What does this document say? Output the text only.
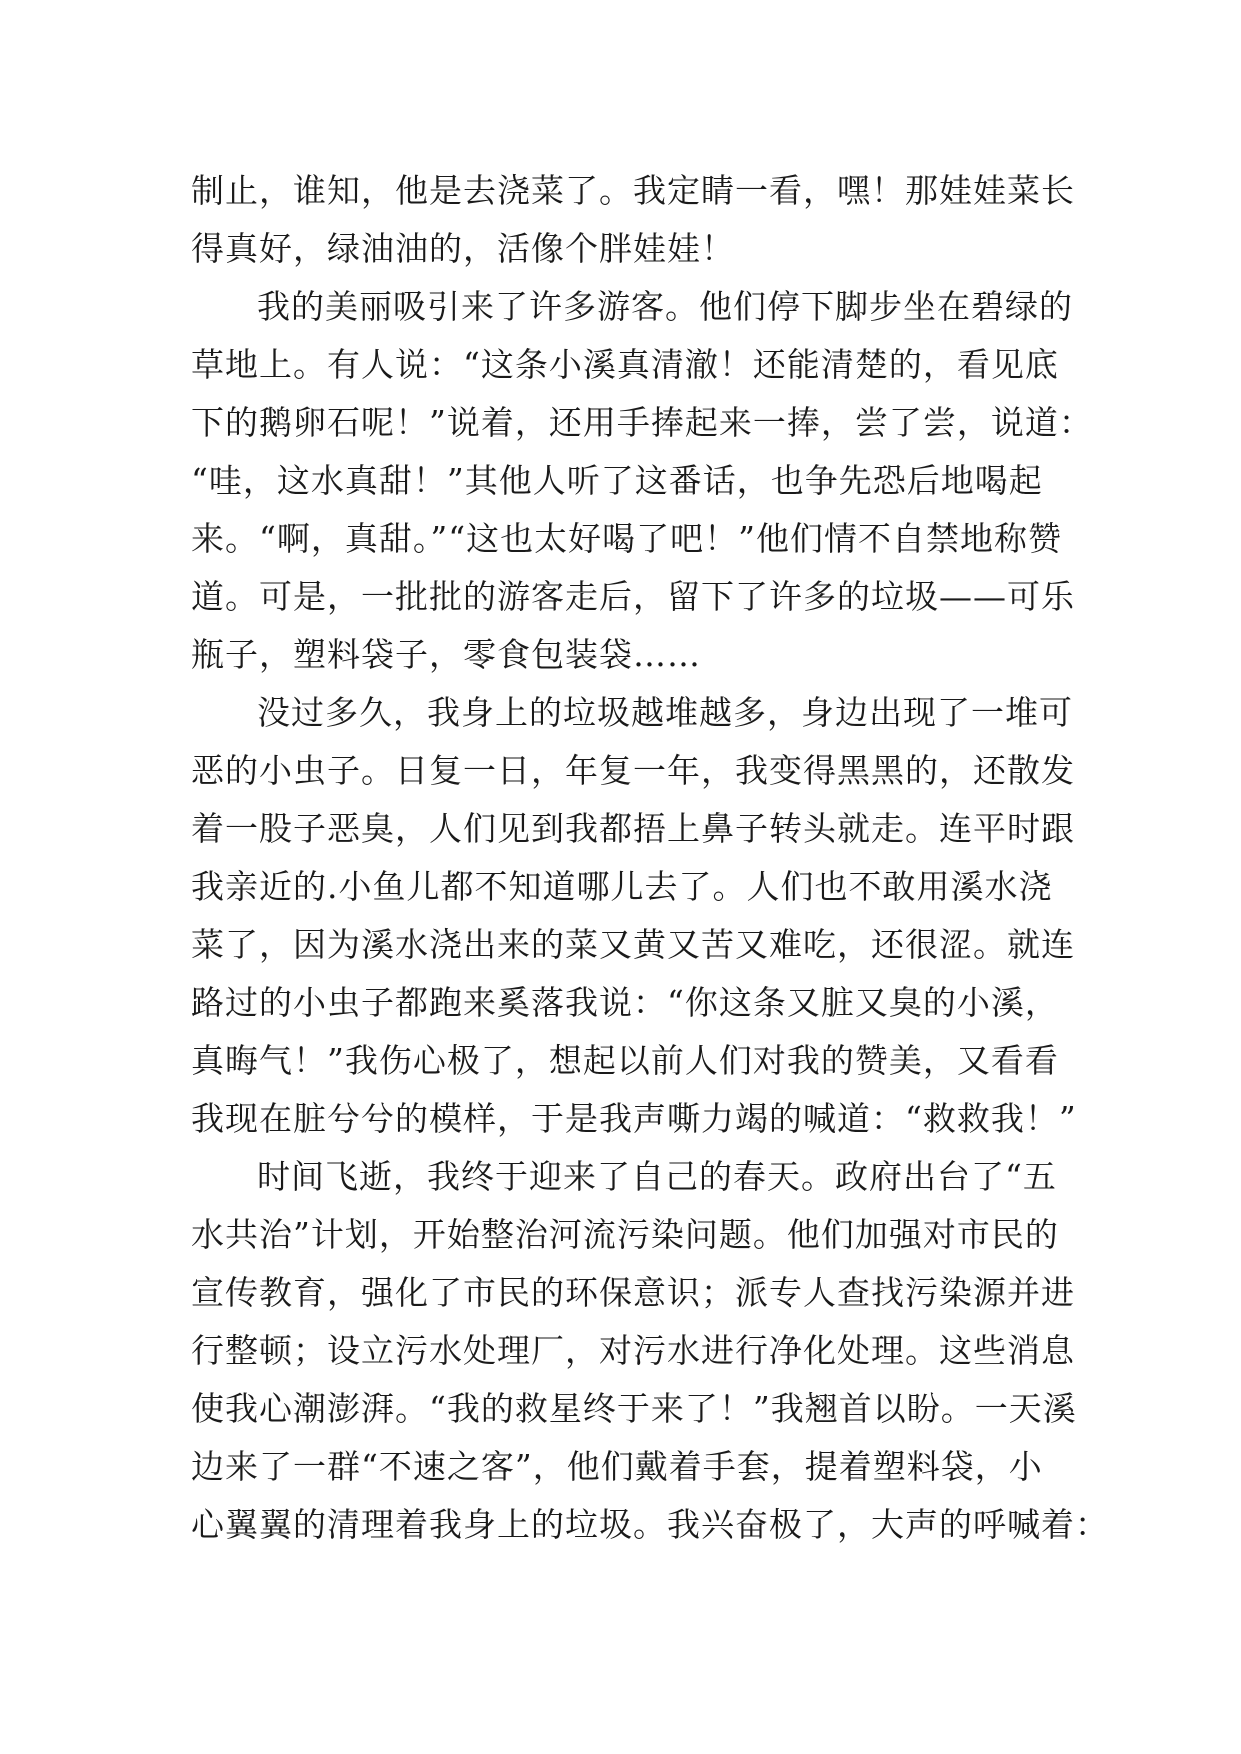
制止，谁知，他是去浇菜了。我定睛一看，嘿！那娃娃菜长
得真好，绿油油的，活像个胖娃娃！
我的美丽吸引来了许多游客。他们停下脚步坐在碧绿的
草地上。有人说：“这条小溪真清澈！还能清楚的，看见底
下的鹅卵石呢！”说着，还用手捧起来一捧，尝了尝，说道：
“哇，这水真甜！”其他人听了这番话，也争先恐后地喝起
来。“啊，真甜。”“这也太好喝了吧！”他们情不自禁地称赞
道。可是，一批批的游客走后，留下了许多的垃圾——可乐
瓶子，塑料袋子，零食包装袋……
没过多久，我身上的垃圾越堆越多，身边出现了一堆可
恶的小虫子。日复一日，年复一年，我变得黑黑的，还散发
着一股子恶臭，人们见到我都捂上鼻子转头就走。连平时跟
我亲近的.小鱼儿都不知道哪儿去了。人们也不敢用溪水浇
菜了，因为溪水浇出来的菜又黄又苦又难吃，还很涩。就连
路过的小虫子都跑来奚落我说：“你这条又脏又臭的小溪，
真晦气！”我伤心极了，想起以前人们对我的赞美，又看看
我现在脏兮兮的模样，于是我声嘶力竭的喊道：“救救我！”
时间飞逝，我终于迎来了自己的春天。政府出台了“五
水共治”计划，开始整治河流污染问题。他们加强对市民的
宣传教育，强化了市民的环保意识；派专人查找污染源并进
行整顿；设立污水处理厂，对污水进行净化处理。这些消息
使我心潮澎湃。“我的救星终于来了！”我翘首以盼。一天溪
边来了一群“不速之客”，他们戴着手套，提着塑料袋，小
心翼翼的清理着我身上的垃圾。我兴奋极了，大声的呼喊着：
